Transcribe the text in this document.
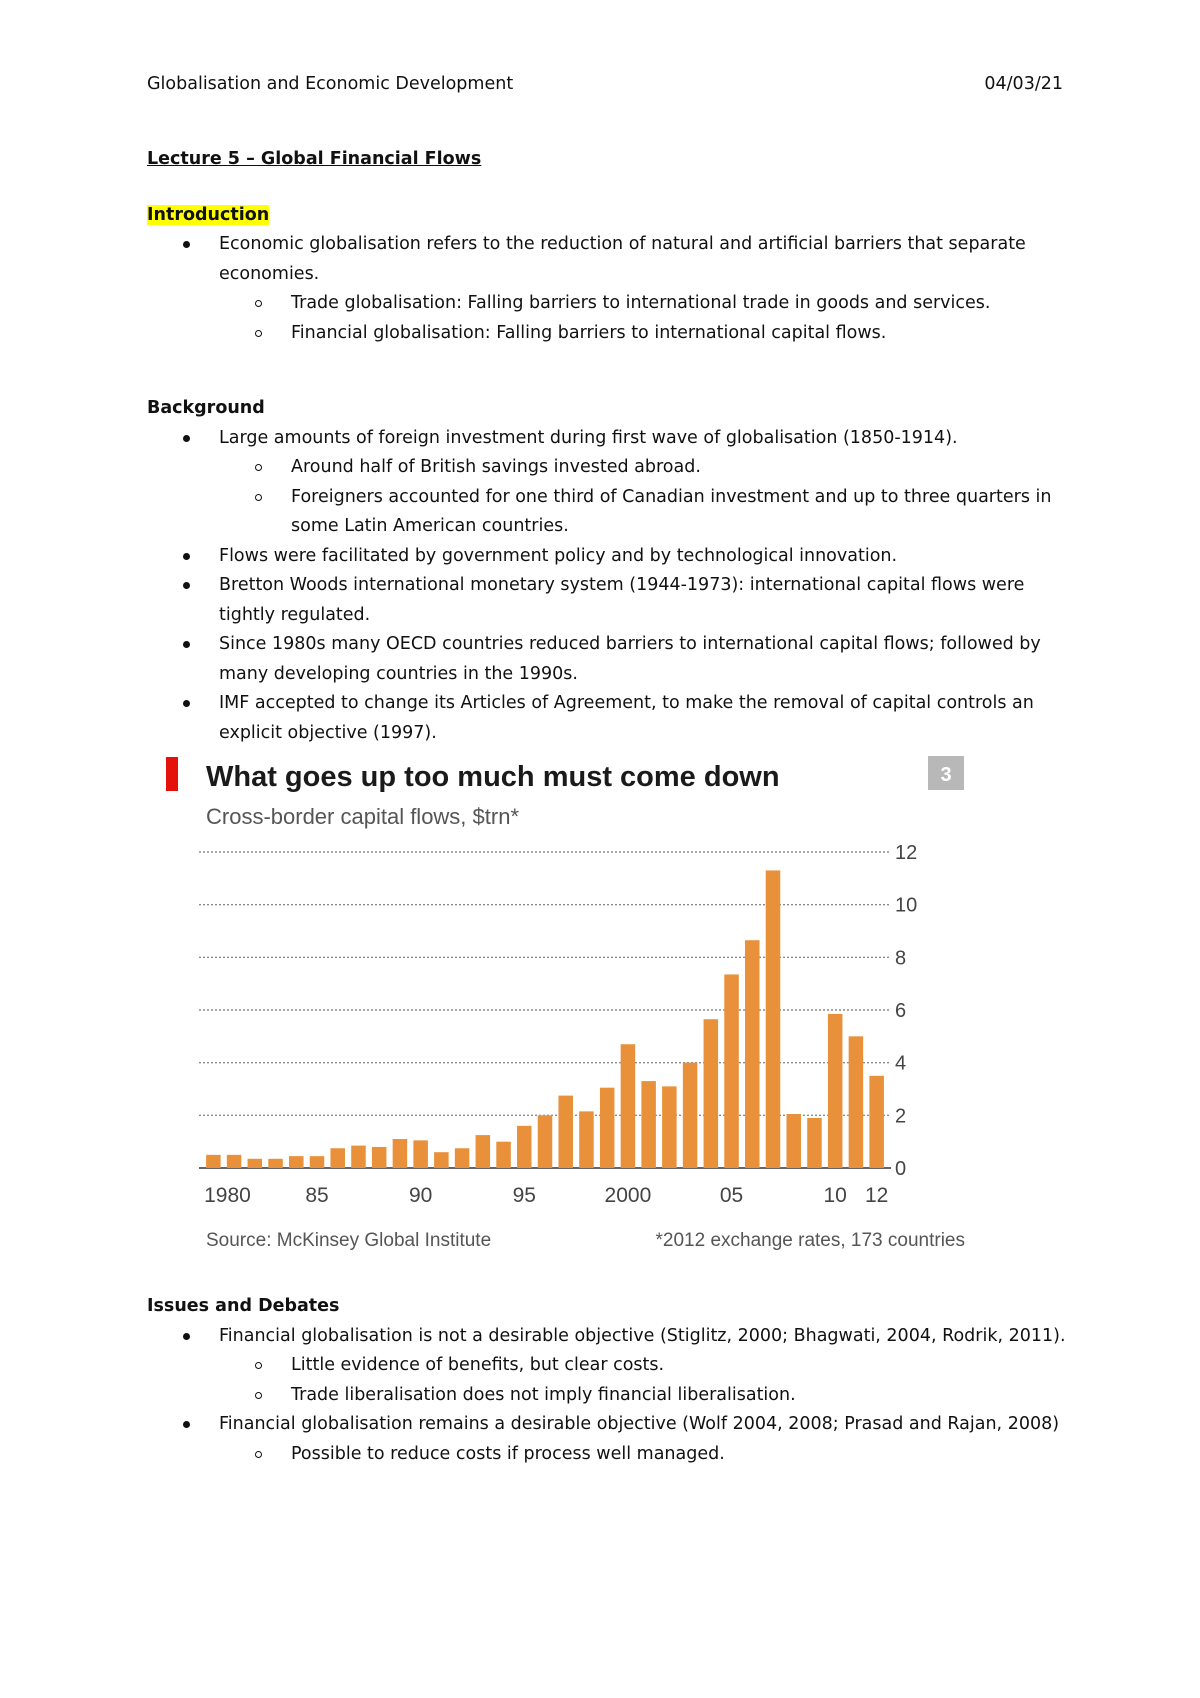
Globalisation and Economic Development	04/03/21

Lecture 5 – Global Financial Flows

Introduction

Economic globalisation refers to the reduction of natural and artificial barriers that separate economies.
Trade globalisation: Falling barriers to international trade in goods and services.
Financial globalisation: Falling barriers to international capital flows.

Background

Large amounts of foreign investment during first wave of globalisation (1850-1914).
Around half of British savings invested abroad.
Foreigners accounted for one third of Canadian investment and up to three quarters in some Latin American countries.
Flows were facilitated by government policy and by technological innovation.
Bretton Woods international monetary system (1944-1973): international capital flows were tightly regulated.
Since 1980s many OECD countries reduced barriers to international capital flows; followed by many developing countries in the 1990s.
IMF accepted to change its Articles of Agreement, to make the removal of capital controls an explicit objective (1997).
What goes up too much must come down
Cross-border capital flows, $trn*
3
0
2
4
6
8
10
12
1980	85	90	95	2000	05	10 12
Source: McKinsey Global Institute	*2012 exchange rates, 173 countries

Issues and Debates

Financial globalisation is not a desirable objective (Stiglitz, 2000; Bhagwati, 2004, Rodrik, 2011).
Little evidence of benefits, but clear costs.
Trade liberalisation does not imply financial liberalisation.
Financial globalisation remains a desirable objective (Wolf 2004, 2008; Prasad and Rajan, 2008)
Possible to reduce costs if process well managed.
